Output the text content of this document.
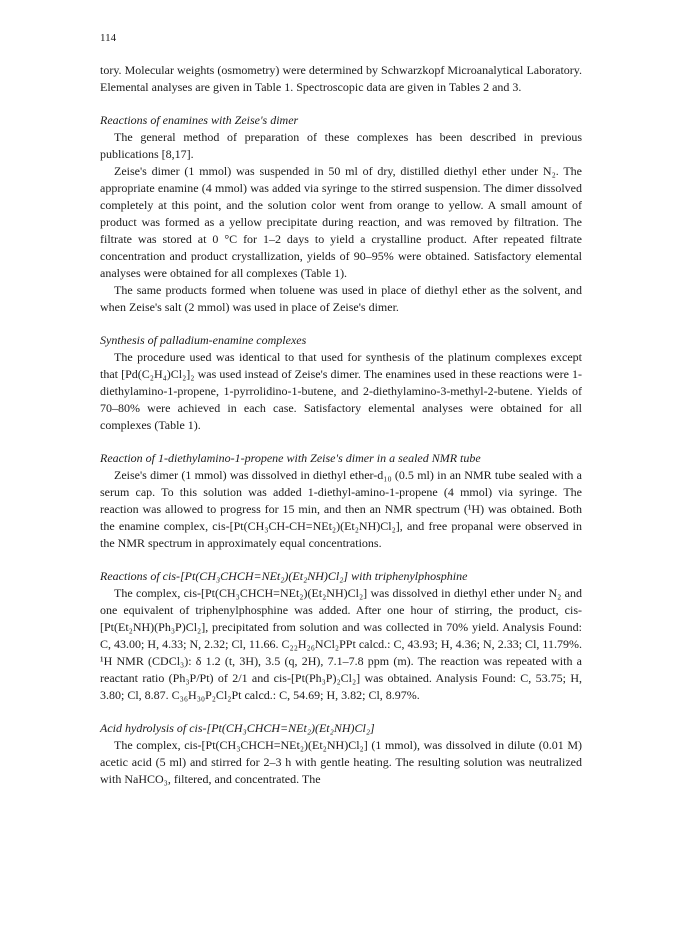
114

tory. Molecular weights (osmometry) were determined by Schwarzkopf Microanalytical Laboratory. Elemental analyses are given in Table 1. Spectroscopic data are given in Tables 2 and 3.

Reactions of enamines with Zeise's dimer

The general method of preparation of these complexes has been described in previous publications [8,17].

Zeise's dimer (1 mmol) was suspended in 50 ml of dry, distilled diethyl ether under N₂. The appropriate enamine (4 mmol) was added via syringe to the stirred suspension. The dimer dissolved completely at this point, and the solution color went from orange to yellow. A small amount of product was formed as a yellow precipitate during reaction, and was removed by filtration. The filtrate was stored at 0 °C for 1–2 days to yield a crystalline product. After repeated filtrate concentration and product crystallization, yields of 90–95% were obtained. Satisfactory elemental analyses were obtained for all complexes (Table 1).

The same products formed when toluene was used in place of diethyl ether as the solvent, and when Zeise's salt (2 mmol) was used in place of Zeise's dimer.

Synthesis of palladium-enamine complexes

The procedure used was identical to that used for synthesis of the platinum complexes except that [Pd(C₂H₄)Cl₂]₂ was used instead of Zeise's dimer. The enamines used in these reactions were 1-diethylamino-1-propene, 1-pyrrolidino-1-butene, and 2-diethylamino-3-methyl-2-butene. Yields of 70–80% were achieved in each case. Satisfactory elemental analyses were obtained for all complexes (Table 1).

Reaction of 1-diethylamino-1-propene with Zeise's dimer in a sealed NMR tube

Zeise's dimer (1 mmol) was dissolved in diethyl ether-d₁₀ (0.5 ml) in an NMR tube sealed with a serum cap. To this solution was added 1-diethyl-amino-1-propene (4 mmol) via syringe. The reaction was allowed to progress for 15 min, and then an NMR spectrum (¹H) was obtained. Both the enamine complex, cis-[Pt(CH₃CH-CH=NEt₂)(Et₂NH)Cl₂], and free propanal were observed in the NMR spectrum in approximately equal concentrations.

Reactions of cis-[Pt(CH₃CHCH=NEt₂)(Et₂NH)Cl₂] with triphenylphosphine

The complex, cis-[Pt(CH₃CHCH=NEt₂)(Et₂NH)Cl₂] was dissolved in diethyl ether under N₂ and one equivalent of triphenylphosphine was added. After one hour of stirring, the product, cis-[Pt(Et₂NH)(Ph₃P)Cl₂], precipitated from solution and was collected in 70% yield. Analysis Found: C, 43.00; H, 4.33; N, 2.32; Cl, 11.66. C₂₂H₂₆NCl₂PPt calcd.: C, 43.93; H, 4.36; N, 2.33; Cl, 11.79%. ¹H NMR (CDCl₃): δ 1.2 (t, 3H), 3.5 (q, 2H), 7.1–7.8 ppm (m). The reaction was repeated with a reactant ratio (Ph₃P/Pt) of 2/1 and cis-[Pt(Ph₃P)₂Cl₂] was obtained. Analysis Found: C, 53.75; H, 3.80; Cl, 8.87. C₃₆H₃₀P₂Cl₂Pt calcd.: C, 54.69; H, 3.82; Cl, 8.97%.

Acid hydrolysis of cis-[Pt(CH₃CHCH=NEt₂)(Et₂NH)Cl₂]

The complex, cis-[Pt(CH₃CHCH=NEt₂)(Et₂NH)Cl₂] (1 mmol), was dissolved in dilute (0.01 M) acetic acid (5 ml) and stirred for 2–3 h with gentle heating. The resulting solution was neutralized with NaHCO₃, filtered, and concentrated. The
